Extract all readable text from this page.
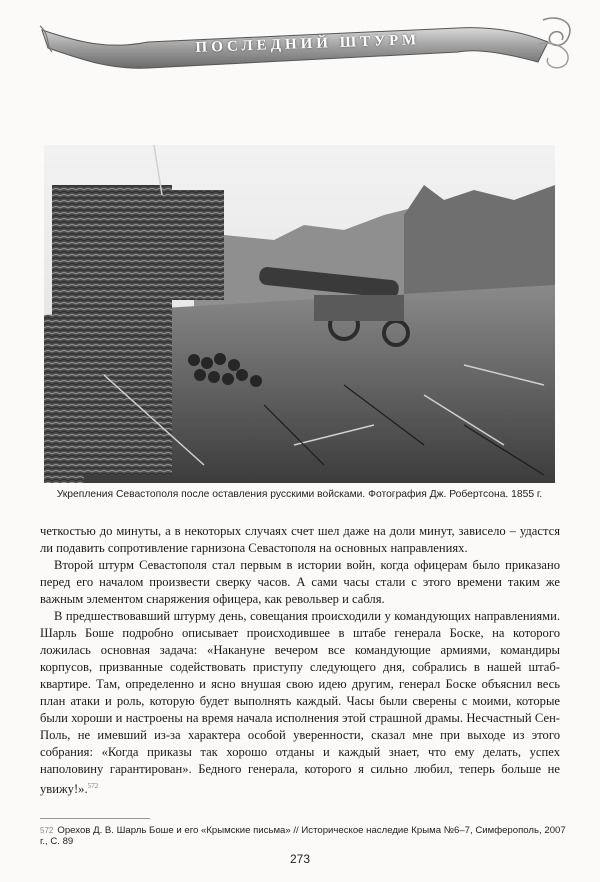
ПОСЛЕДНИЙ ШТУРМ
Укрепления Севастополя после оставления русскими войсками. Фотография Дж. Робертсона. 1855 г.

четкостью до минуты, а в некоторых случаях счет шел даже на доли минут, зависело – удастся ли подавить сопротивление гарнизона Севастополя на основных направлениях.

Второй штурм Севастополя стал первым в истории войн, когда офицерам было приказано перед его началом произвести сверку часов. А сами часы стали с этого времени таким же важным элементом снаряжения офицера, как револьвер и сабля.

В предшествовавший штурму день, совещания происходили у командующих направлениями. Шарль Боше подробно описывает происходившее в штабе генерала Боске, на которого ложилась основная задача: «Накануне вечером все командующие армиями, командиры корпусов, призванные содействовать приступу следующего дня, собрались в нашей штаб-квартире. Там, определенно и ясно внушая свою идею другим, генерал Боске объяснил весь план атаки и роль, которую будет выполнять каждый. Часы были сверены с моими, которые были хороши и настроены на время начала исполнения этой страшной драмы. Несчастный Сен-Поль, не имевший из-за характера особой уверенности, сказал мне при выходе из этого собрания: «Когда приказы так хорошо отданы и каждый знает, что ему делать, успех наполовину гарантирован». Бедного генерала, которого я сильно любил, теперь больше не увижу!».$^{572}$

572 Орехов Д. В. Шарль Боше и его «Крымские письма» // Историческое наследие Крыма №6–7, Симферополь, 2007 г., С. 89
273
